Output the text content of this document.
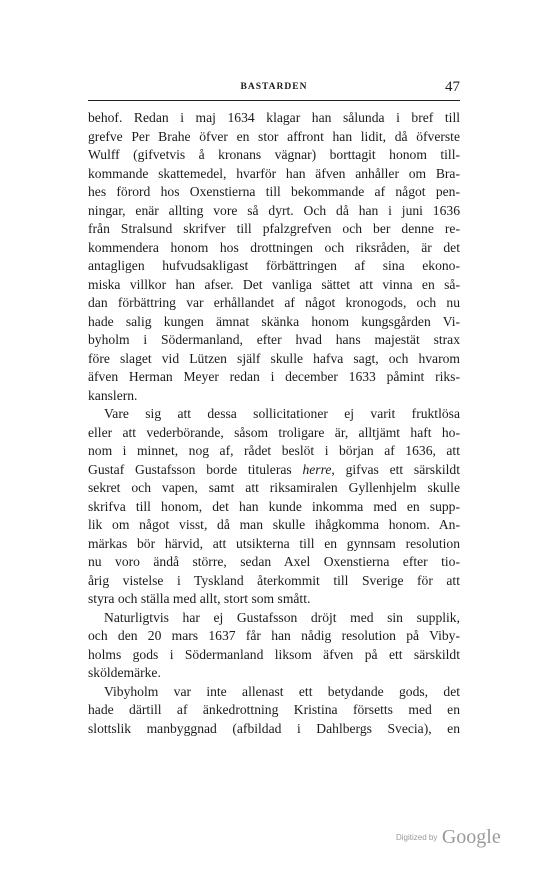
BASTARDEN	47
behof. Redan i maj 1634 klagar han sålunda i bref till
grefve Per Brahe öfver en stor affront han lidit, då öfverste
Wulff (gifvetvis å kronans vägnar) borttagit honom till-
kommande skattemedel, hvarför han äfven anhåller om Bra-
hes förord hos Oxenstierna till bekommande af något pen-
ningar, enär allting vore så dyrt. Och då han i juni 1636
från Stralsund skrifver till pfalzgrefven och ber denne re-
kommendera honom hos drottningen och riksråden, är det
antagligen hufvudsakligast förbättringen af sina ekono-
miska villkor han afser. Det vanliga sättet att vinna en så-
dan förbättring var erhållandet af något kronogods, och nu
hade salig kungen ämnat skänka honom kungsgården Vi-
byholm i Södermanland, efter hvad hans majestät strax
före slaget vid Lützen själf skulle hafva sagt, och hvarom
äfven Herman Meyer redan i december 1633 påmint riks-
kanslern.
Vare sig att dessa sollicitationer ej varit fruktlösa
eller att vederbörande, såsom troligare är, alltjämt haft ho-
nom i minnet, nog af, rådet beslöt i början af 1636, att
Gustaf Gustafsson borde tituleras herre, gifvas ett särskildt
sekret och vapen, samt att riksamiralen Gyllenhjelm skulle
skrifva till honom, det han kunde inkomma med en supp-
lik om något visst, då man skulle ihågkomma honom. An-
märkas bör härvid, att utsikterna till en gynnsam resolution
nu voro ändå större, sedan Axel Oxenstierna efter tio-
årig vistelse i Tyskland återkommit till Sverige för att
styra och ställa med allt, stort som smått.
Naturligtvis har ej Gustafsson dröjt med sin supplik,
och den 20 mars 1637 får han nådig resolution på Viby-
holms gods i Södermanland liksom äfven på ett särskildt
sköldemärke.
Vibyholm var inte allenast ett betydande gods, det
hade därtill af änkedrottning Kristina försetts med en
slottslik manbyggnad (afbildad i Dahlbergs Svecia), en
Digitized by Google
